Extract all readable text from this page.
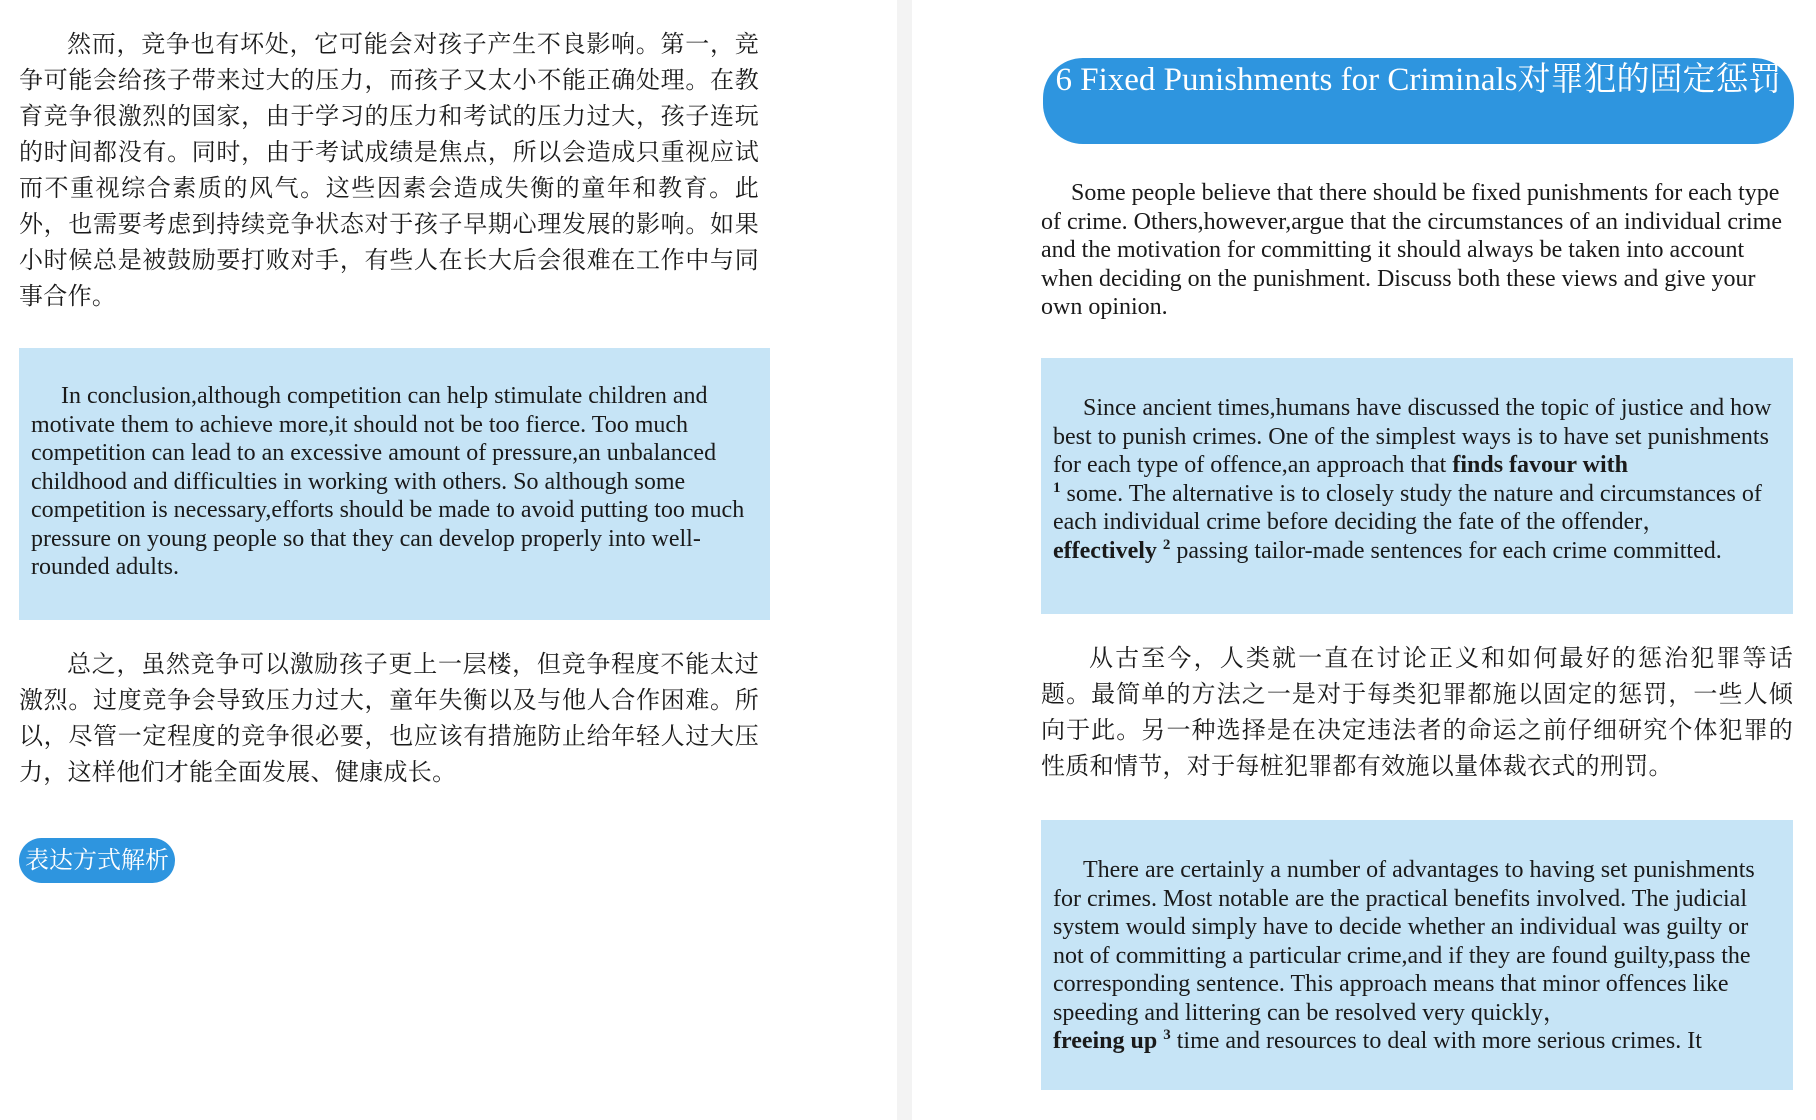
然而，竞争也有坏处，它可能会对孩子产生不良影响。第一，竞争可能会给孩子带来过大的压力，而孩子又太小不能正确处理。在教育竞争很激烈的国家，由于学习的压力和考试的压力过大，孩子连玩的时间都没有。同时，由于考试成绩是焦点，所以会造成只重视应试而不重视综合素质的风气。这些因素会造成失衡的童年和教育。此外，也需要考虑到持续竞争状态对于孩子早期心理发展的影响。如果小时候总是被鼓励要打败对手，有些人在长大后会很难在工作中与同事合作。

In conclusion,although competition can help stimulate children and motivate them to achieve more,it should not be too fierce. Too much competition can lead to an excessive amount of pressure,an unbalanced childhood and difficulties in working with others. So although some competition is necessary,efforts should be made to avoid putting too much pressure on young people so that they can develop properly into well-rounded adults.

总之，虽然竞争可以激励孩子更上一层楼，但竞争程度不能太过激烈。过度竞争会导致压力过大，童年失衡以及与他人合作困难。所以，尽管一定程度的竞争很必要，也应该有措施防止给年轻人过大压力，这样他们才能全面发展、健康成长。

表达方式解析
6 Fixed Punishments for Criminals对罪犯的固定惩罚

Some people believe that there should be fixed punishments for each type of crime. Others,however,argue that the circumstances of an individual crime and the motivation for committing it should always be taken into account when deciding on the punishment. Discuss both these views and give your own opinion.

Since ancient times,humans have discussed the topic of justice and how best to punish crimes. One of the simplest ways is to have set punishments for each type of offence,an approach that finds favour with
$^1$ some. The alternative is to closely study the nature and circumstances of each individual crime before deciding the fate of the offender，
effectively $^2$ passing tailor-made sentences for each crime committed.

从古至今，人类就一直在讨论正义和如何最好的惩治犯罪等话题。最简单的方法之一是对于每类犯罪都施以固定的惩罚，一些人倾向于此。另一种选择是在决定违法者的命运之前仔细研究个体犯罪的性质和情节，对于每桩犯罪都有效施以量体裁衣式的刑罚。

There are certainly a number of advantages to having set punishments for crimes. Most notable are the practical benefits involved. The judicial system would simply have to decide whether an individual was guilty or not of committing a particular crime,and if they are found guilty,pass the corresponding sentence. This approach means that minor offences like speeding and littering can be resolved very quickly，
freeing up $^3$ time and resources to deal with more serious crimes. It
